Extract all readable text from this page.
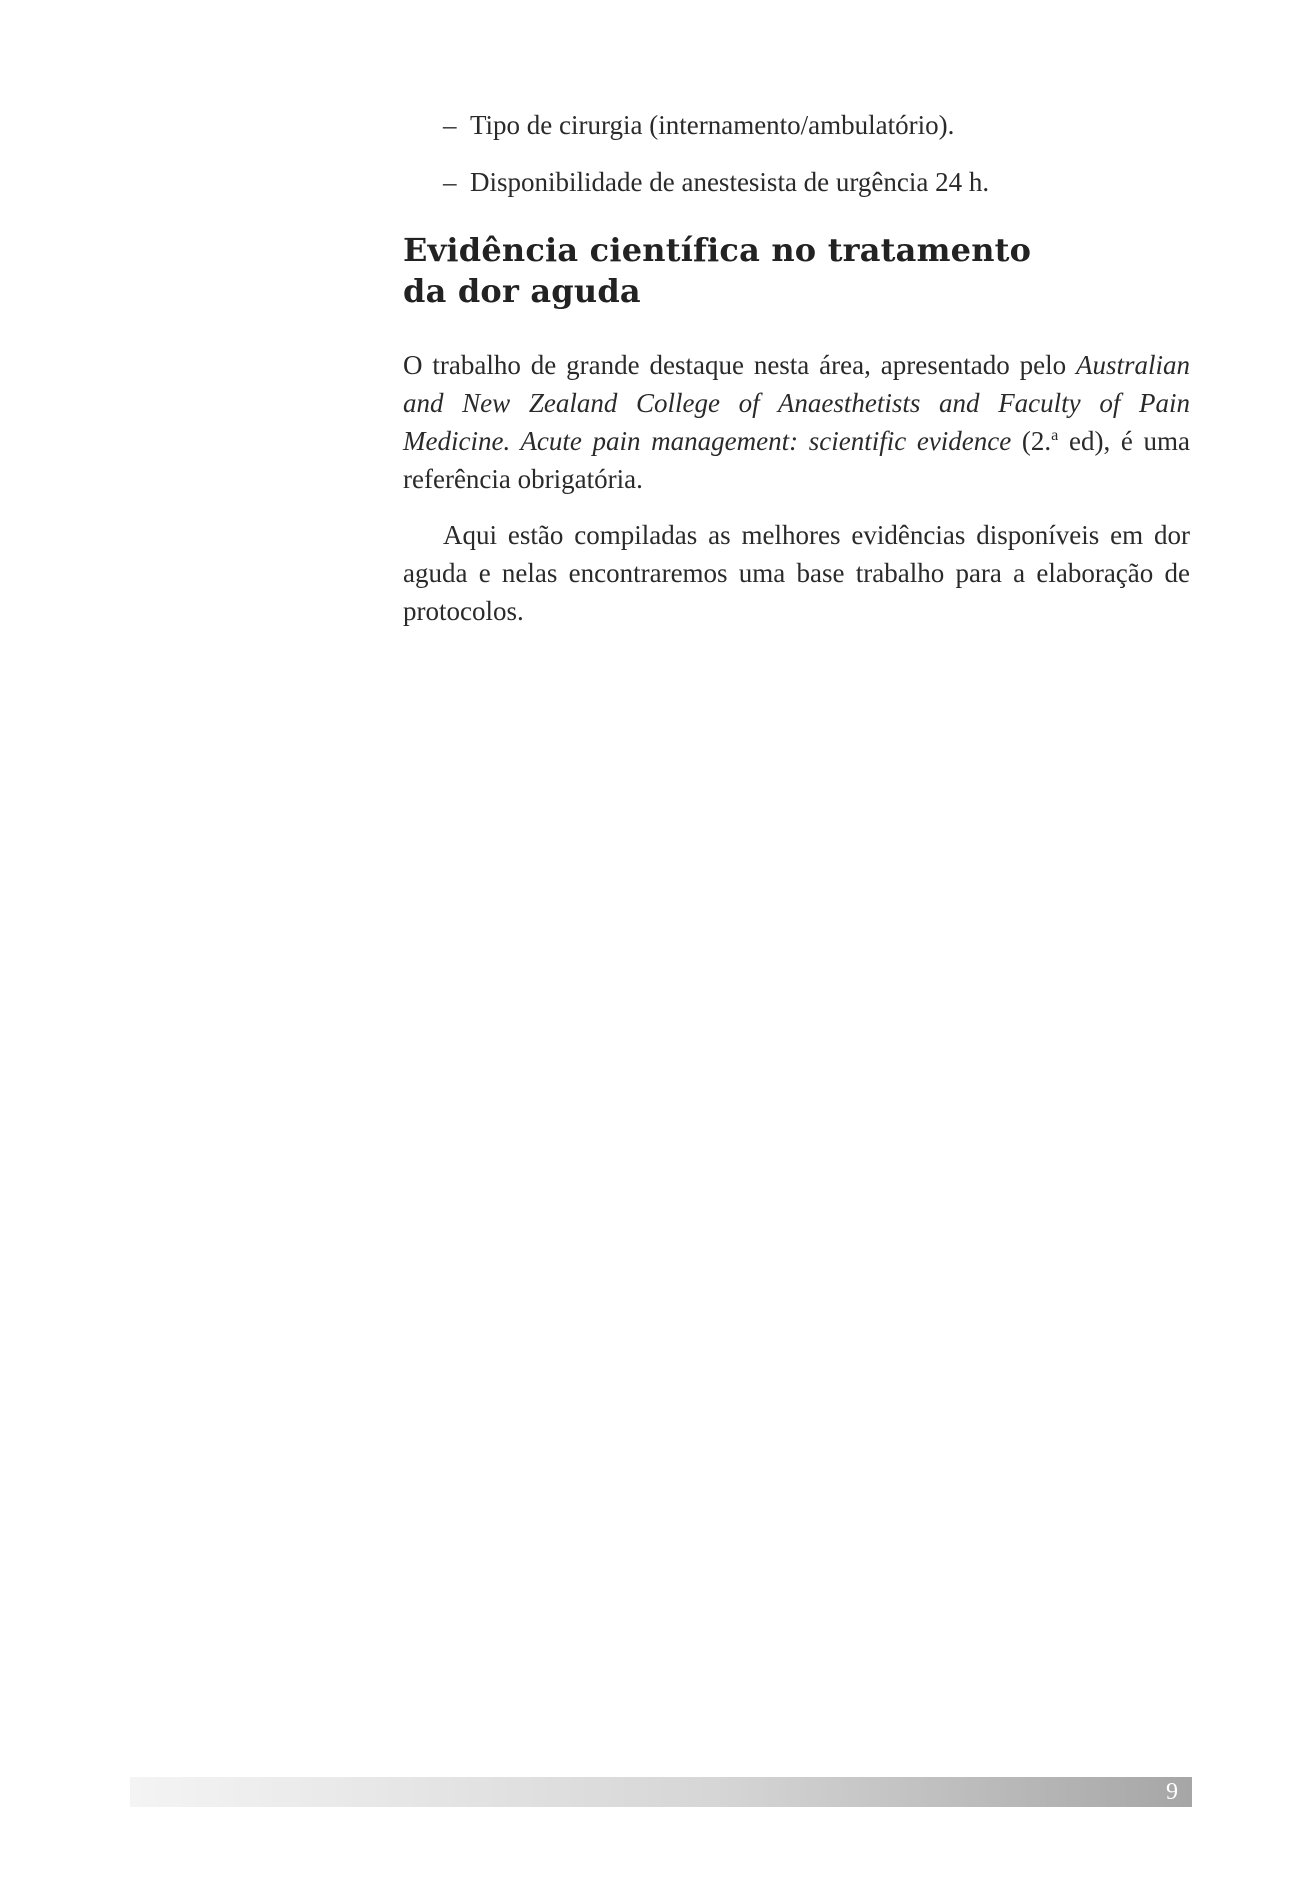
– Tipo de cirurgia (internamento/ambulatório).
– Disponibilidade de anestesista de urgência 24 h.
Evidência científica no tratamento
da dor aguda

O trabalho de grande destaque nesta área, apresentado pelo Australian and New Zealand College of Anaesthetists and Faculty of Pain Medicine. Acute pain management: scientific evidence (2.$^a$ ed), é uma referência obrigatória.

Aqui estão compiladas as melhores evidências disponíveis em dor aguda e nelas encontraremos uma base trabalho para a elaboração de protocolos.

9
